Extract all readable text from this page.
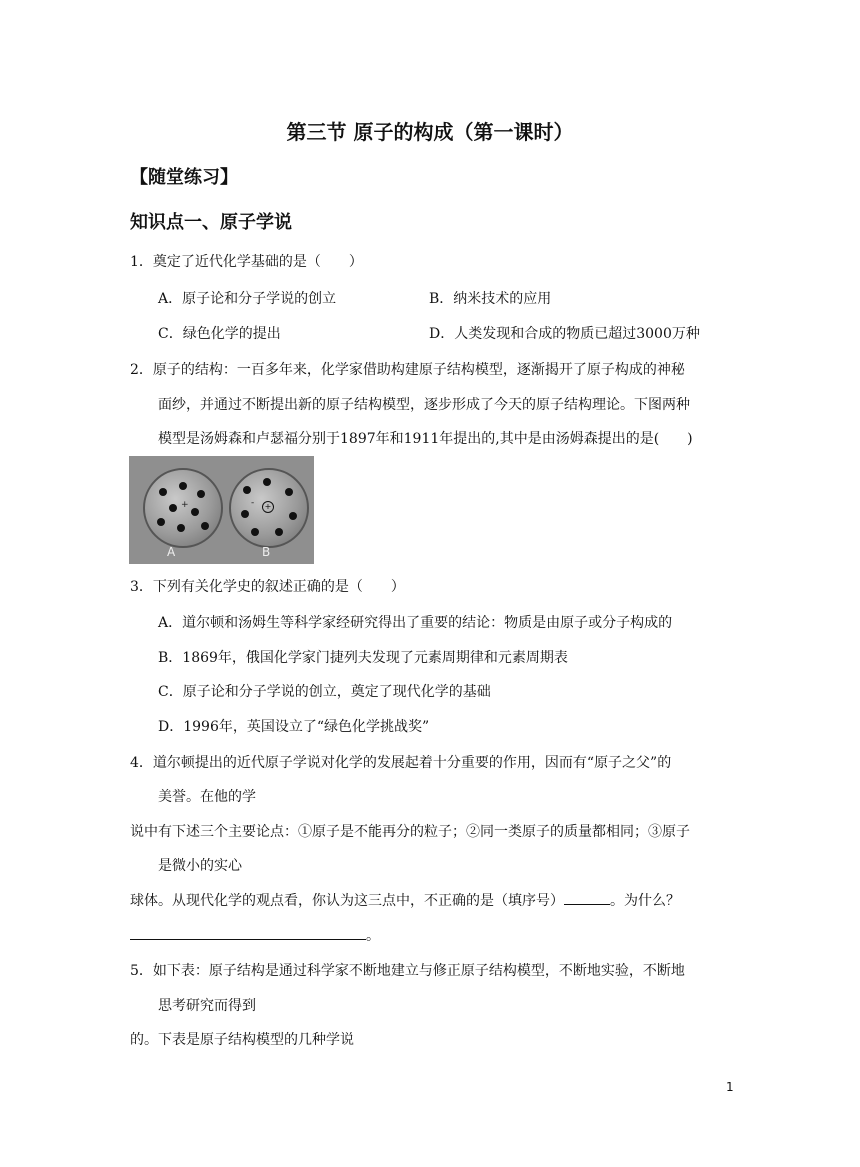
第三节 原子的构成（第一课时）
【随堂练习】
知识点一、原子学说
1．奠定了近代化学基础的是（　　）
A．原子论和分子学说的创立	B．纳米技术的应用
C．绿色化学的提出	D．人类发现和合成的物质已超过3000万种
2．原子的结构：一百多年来，化学家借助构建原子结构模型，逐渐揭开了原子构成的神秘
面纱，并通过不断提出新的原子结构模型，逐步形成了今天的原子结构理论。下图两种
模型是汤姆森和卢瑟福分别于1897年和1911年提出的,其中是由汤姆森提出的是(　　)
+	+
-
A	B
3．下列有关化学史的叙述正确的是（　　）
A．道尔顿和汤姆生等科学家经研究得出了重要的结论：物质是由原子或分子构成的
B．1869年，俄国化学家门捷列夫发现了元素周期律和元素周期表
C．原子论和分子学说的创立，奠定了现代化学的基础
D．1996年，英国设立了“绿色化学挑战奖”
4．道尔顿提出的近代原子学说对化学的发展起着十分重要的作用，因而有“原子之父”的
美誉。在他的学
说中有下述三个主要论点：①原子是不能再分的粒子；②同一类原子的质量都相同；③原子
是微小的实心
球体。从现代化学的观点看，你认为这三点中，不正确的是（填序号）	。为什么？
。
5．如下表：原子结构是通过科学家不断地建立与修正原子结构模型，不断地实验，不断地
思考研究而得到
的。下表是原子结构模型的几种学说
1
